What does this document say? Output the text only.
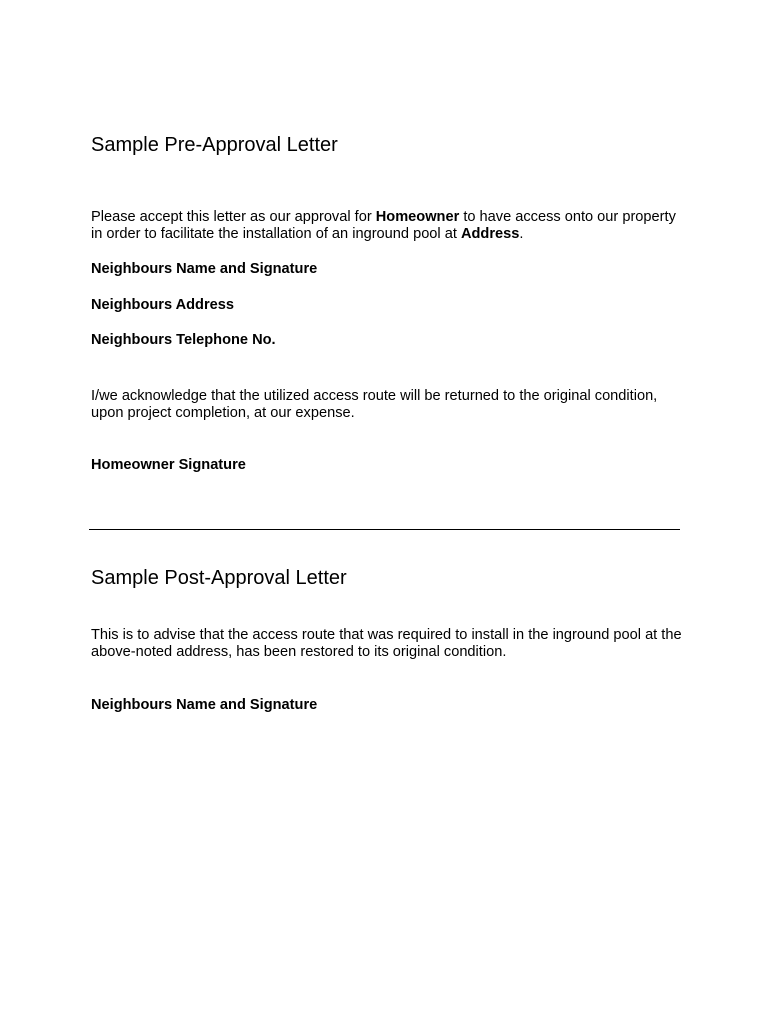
Sample Pre-Approval Letter

Please accept this letter as our approval for Homeowner to have access onto our property in order to facilitate the installation of an inground pool at Address.

Neighbours Name and Signature

Neighbours Address

Neighbours Telephone No.

I/we acknowledge that the utilized access route will be returned to the original condition, upon project completion, at our expense.

Homeowner Signature

Sample Post-Approval Letter

This is to advise that the access route that was required to install in the inground pool at the above-noted address, has been restored to its original condition.

Neighbours Name and Signature
